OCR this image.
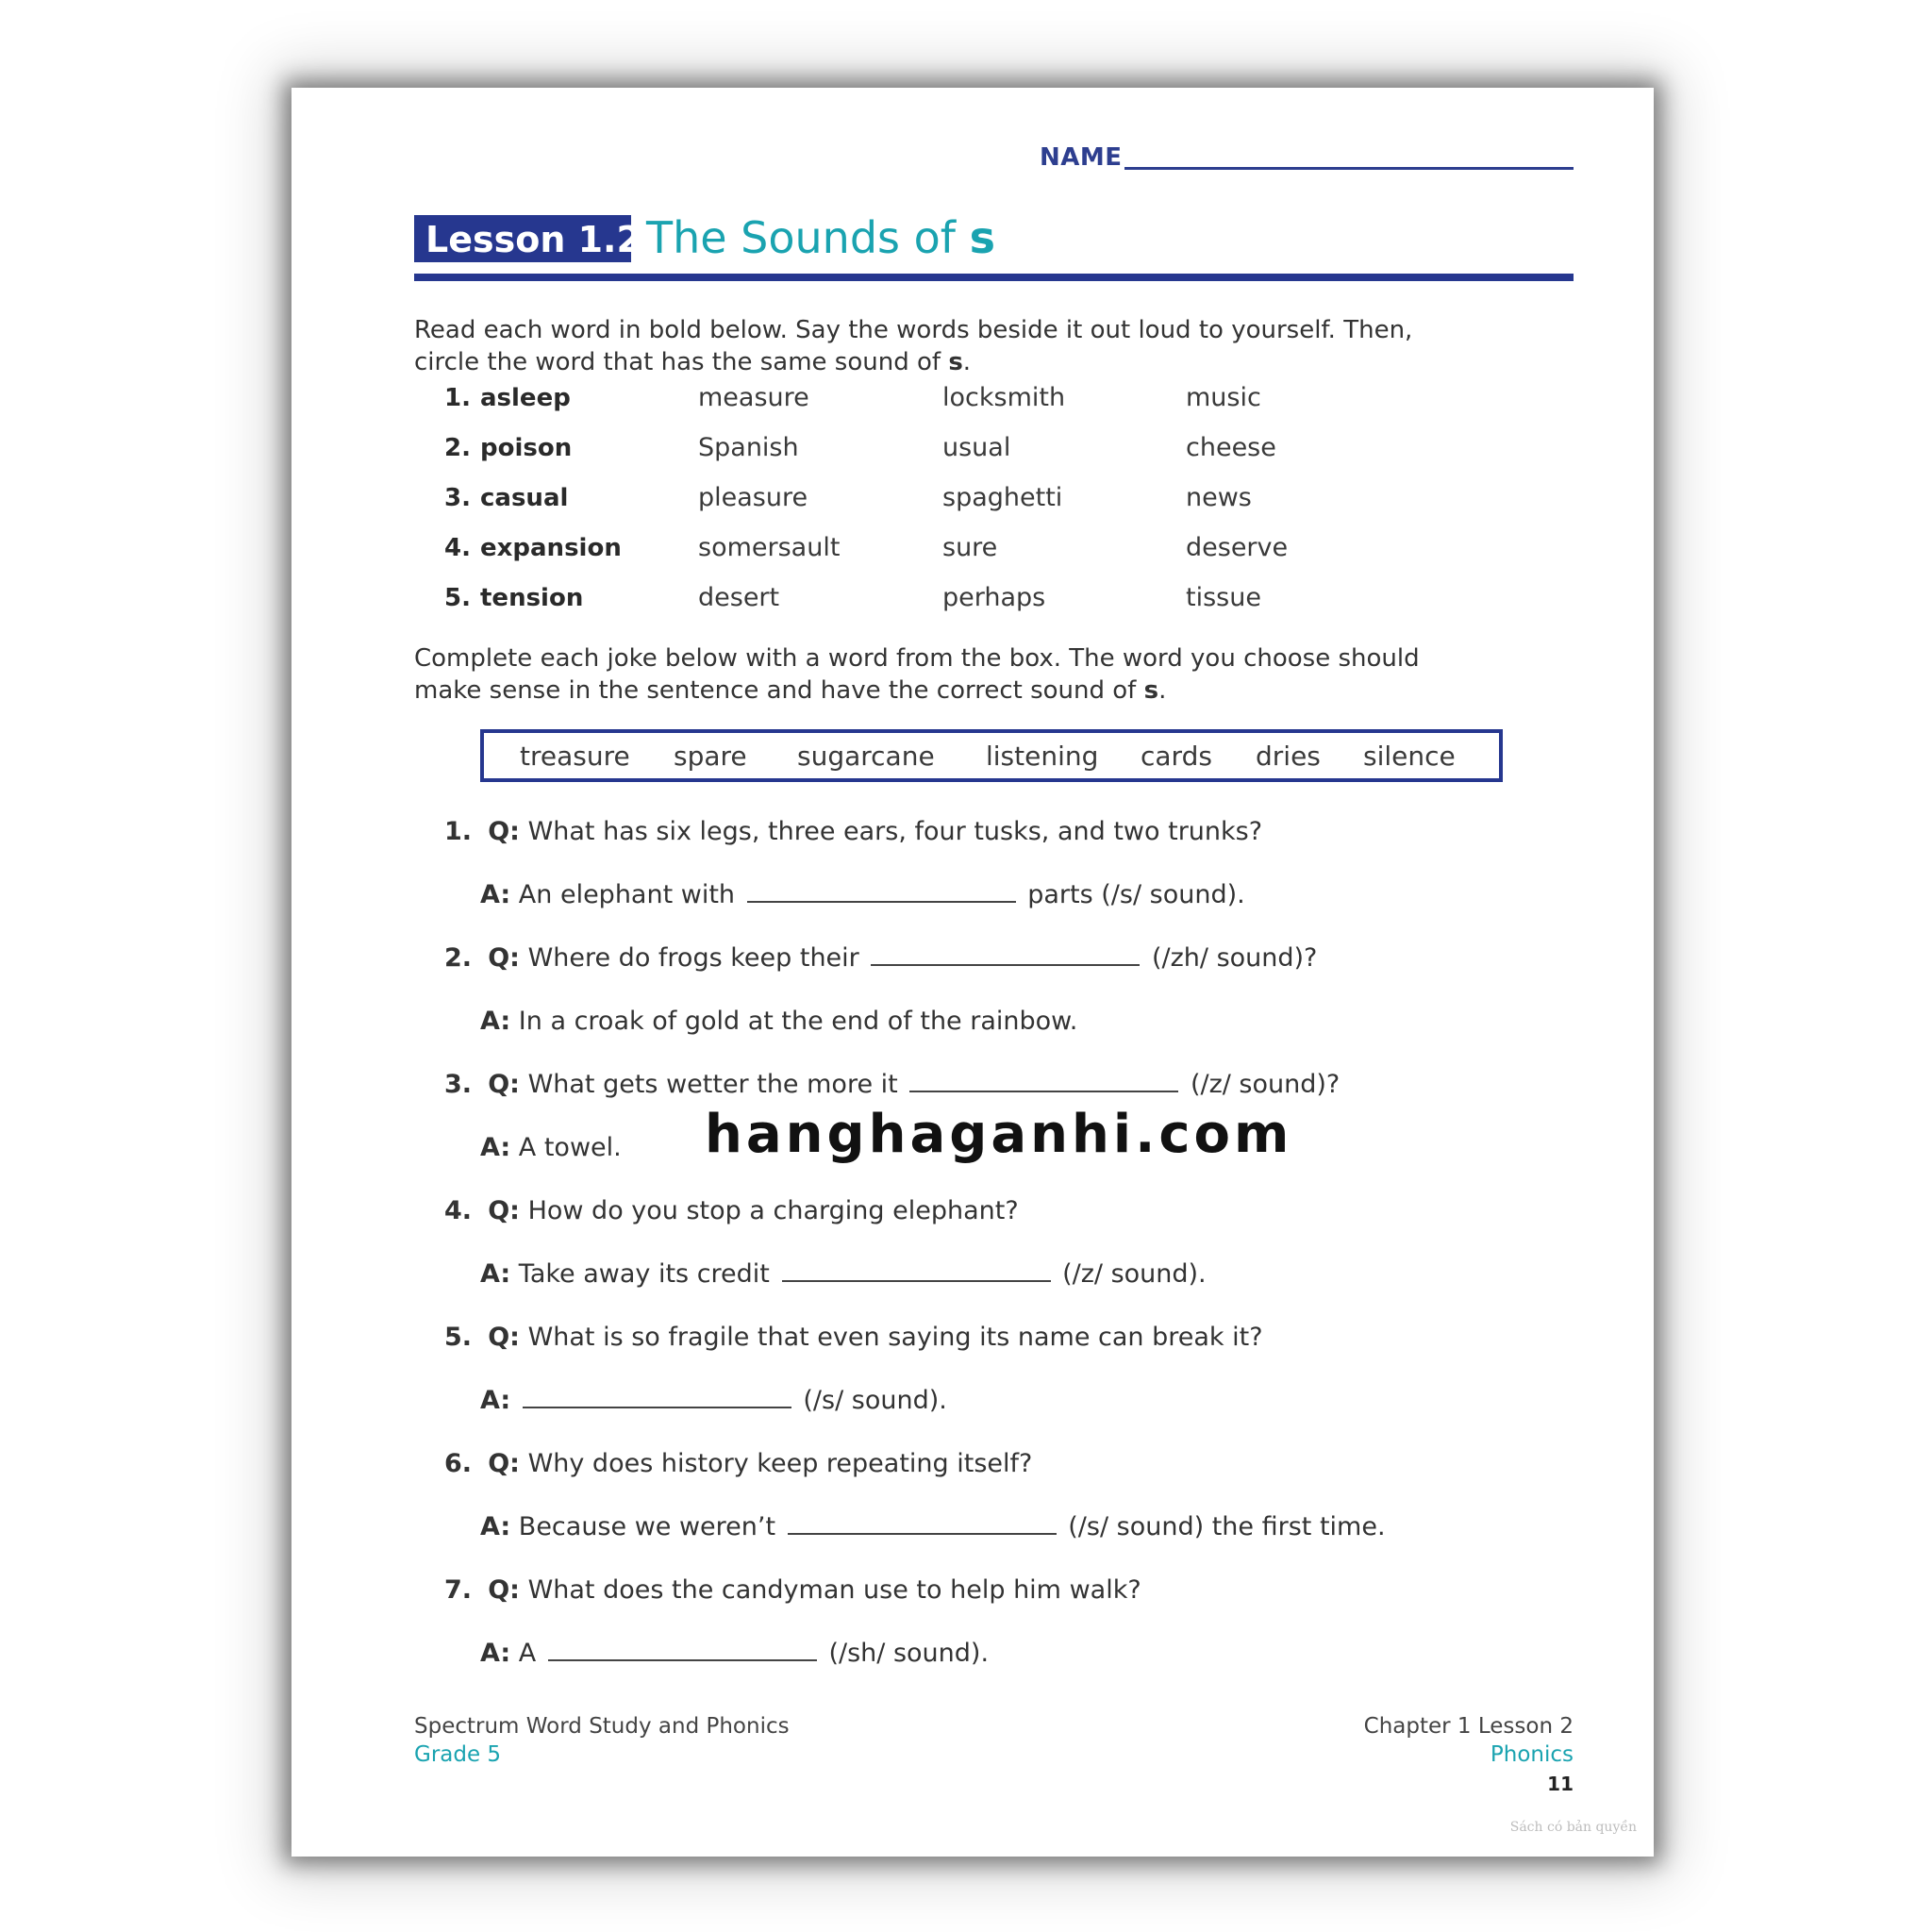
NAME
Lesson 1.2 The Sounds of s
Read each word in bold below. Say the words beside it out loud to yourself. Then,
circle the word that has the same sound of s.
1. asleep	measure	locksmith	music
2. poison	Spanish	usual	cheese
3. casual	pleasure	spaghetti	news
4. expansion	somersault	sure	deserve
5. tension	desert	perhaps	tissue
Complete each joke below with a word from the box. The word you choose should
make sense in the sentence and have the correct sound of s.
treasure spare sugarcane listening cards dries silence
1. Q: What has six legs, three ears, four tusks, and two trunks?
A: An elephant with	parts (/s/ sound).
2. Q: Where do frogs keep their	(/zh/ sound)?
A: In a croak of gold at the end of the rainbow.
3. Q: What gets wetter the more it	(/z/ sound)?
A: A towel.
4. Q: How do you stop a charging elephant?
A: Take away its credit	(/z/ sound).
5. Q: What is so fragile that even saying its name can break it?
A:	(/s/ sound).
6. Q: Why does history keep repeating itself?
A: Because we weren’t	(/s/ sound) the first time.
7. Q: What does the candyman use to help him walk?
A: A	(/sh/ sound).
hanghaganhi.com
Spectrum Word Study and Phonics
Grade 5
Chapter 1 Lesson 2
Phonics
11
Sách có bản quyền
